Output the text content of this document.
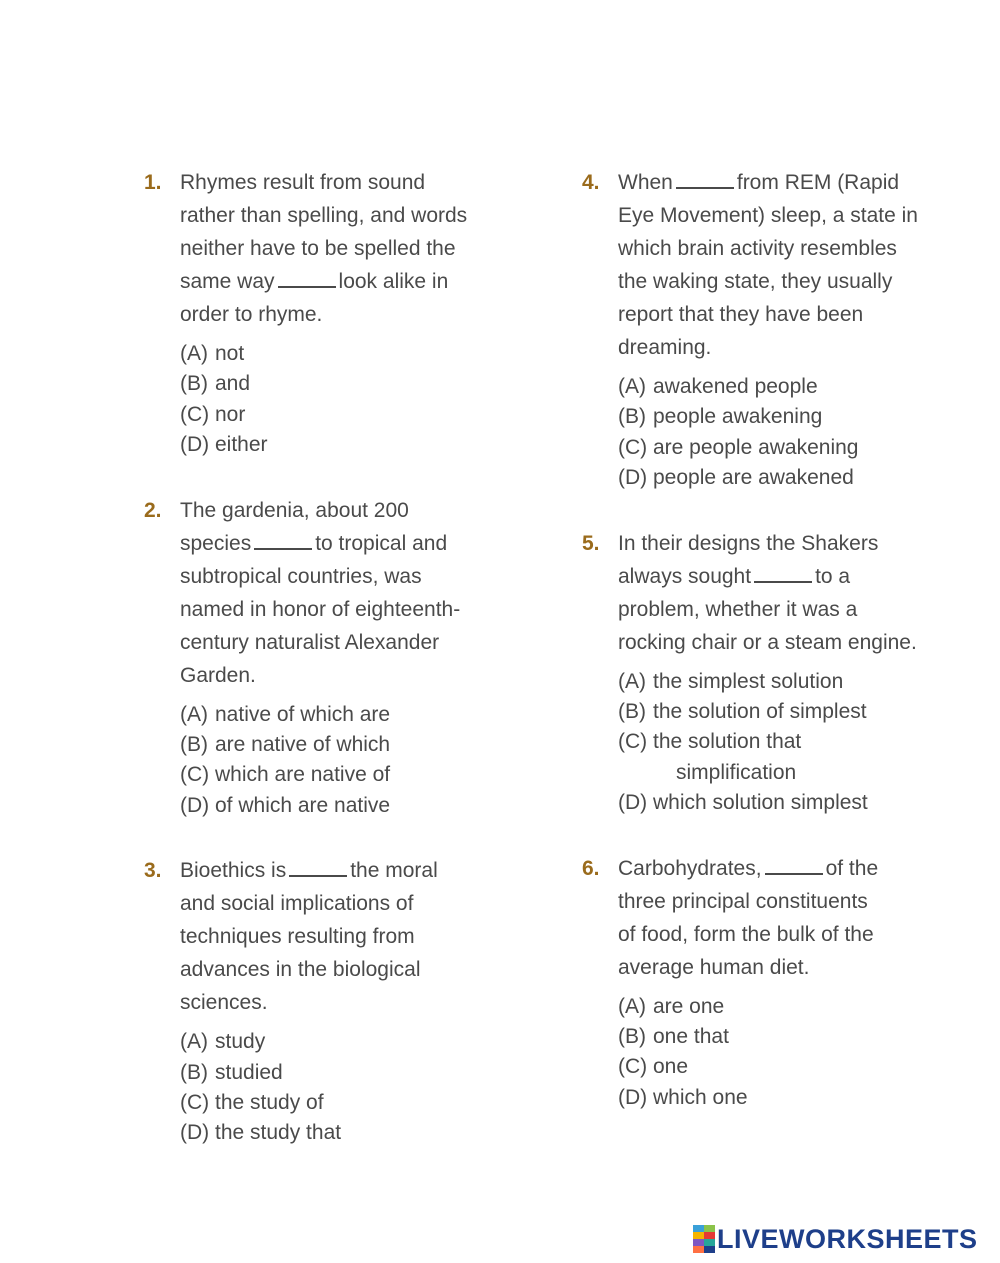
1. Rhymes result from sound
rather than spelling, and words
neither have to be spelled the
same way	look alike in
order to rhyme.
(A) not
(B) and
(C) nor
(D) either
2. The gardenia, about 200
species	to tropical and
subtropical countries, was
named in honor of eighteenth-
century naturalist Alexander
Garden.
(A) native of which are
(B) are native of which
(C) which are native of
(D) of which are native
3. Bioethics is	the moral
and social implications of
techniques resulting from
advances in the biological
sciences.
(A) study
(B) studied
(C) the study of
(D) the study that
4. When	from REM (Rapid
Eye Movement) sleep, a state in
which brain activity resembles
the waking state, they usually
report that they have been
dreaming.
(A) awakened people
(B) people awakening
(C) are people awakening
(D) people are awakened
5. In their designs the Shakers
always sought	to a
problem, whether it was a
rocking chair or a steam engine.
(A) the simplest solution
(B) the solution of simplest
(C) the solution that
simplification
(D) which solution simplest
6. Carbohydrates,	of the
three principal constituents
of food, form the bulk of the
average human diet.
(A) are one
(B) one that
(C) one
(D) which one
LIVEWORKSHEETS
